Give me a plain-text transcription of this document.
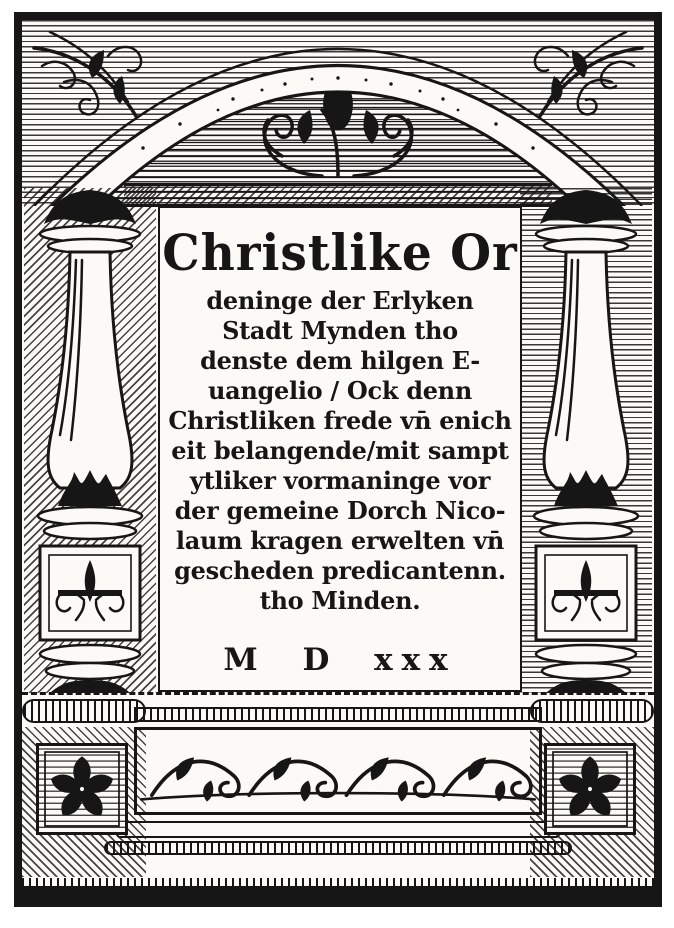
Christlike Or
deninge der Erlyken
Stadt Mynden tho
denste dem hilgen E-
uangelio / Ock denn
Christliken frede vn̄ enich
eit belangende/mit sampt
ytliker vormaninge vor
der gemeine Dorch Nico-
laum kragen erwelten vn̄
gescheden predicantenn.
tho Minden.
M D xxx
